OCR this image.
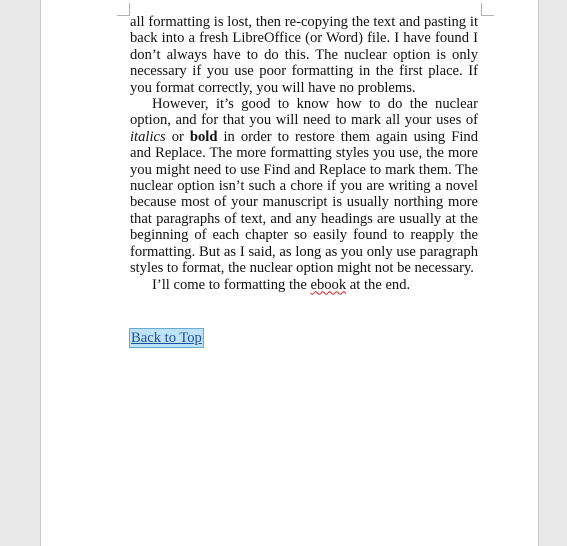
all formatting is lost, then re-copying the text and pasting it back into a fresh LibreOffice (or Word) file. I have found I don’t always have to do this. The nuclear option is only necessary if you use poor formatting in the first place. If you format correctly, you will have no problems.

However, it’s good to know how to do the nuclear option, and for that you will need to mark all your uses of italics or bold in order to restore them again using Find and Replace. The more formatting styles you use, the more you might need to use Find and Replace to mark them. The nuclear option isn’t such a chore if you are writing a novel because most of your manuscript is usually northing more that paragraphs of text, and any headings are usually at the beginning of each chapter so easily found to reapply the formatting. But as I said, as long as you only use paragraph styles to format, the nuclear option might not be necessary.

I’ll come to formatting the ebook at the end.

Back to Top
